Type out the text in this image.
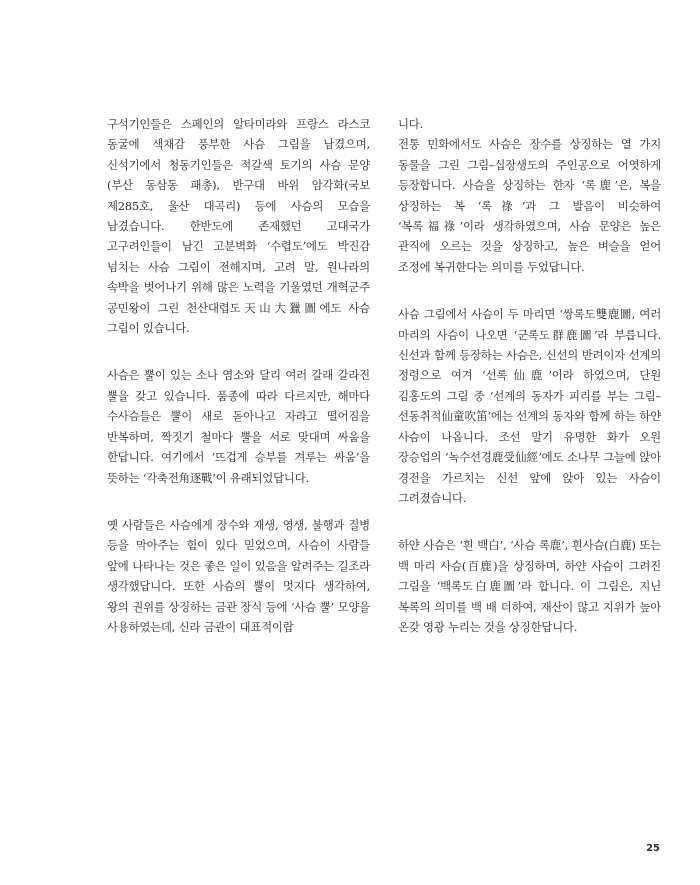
구석기인들은 스페인의 알타미라와 프랑스 라스코 동굴에 색채감 풍부한 사슴 그림을 남겼으며, 신석기에서 청동기인들은 적갈색 토기의 사슴 문양(부산 동삼동 패총), 반구대 바위 암각화(국보 제285호, 울산 대곡리) 등에 사슴의 모습을 남겼습니다. 한반도에 존재했던 고대국가 고구려인들이 남긴 고분벽화 ‘수렵도’에도 박진감 넘치는 사슴 그림이 전해지며, 고려 말, 원나라의 속박을 벗어나기 위해 많은 노력을 기울였던 개혁군주 공민왕이 그린 천산대렵도天山大獵圖에도 사슴 그림이 있습니다.

사슴은 뿔이 있는 소나 염소와 달리 여러 갈래 갈라진 뿔을 갖고 있습니다. 품종에 따라 다르지만, 해마다 수사슴들은 뿔이 새로 돋아나고 자라고 떨어짐을 반복하며, 짝짓기 철마다 뿔을 서로 맞대며 싸움을 한답니다. 여기에서 ‘뜨겁게 승부를 겨루는 싸움’을 뜻하는 ‘각축전角逐戰’이 유래되었답니다.

옛 사람들은 사슴에게 장수와 재생, 영생, 불행과 질병 등을 막아주는 힘이 있다 믿었으며, 사슴이 사람들 앞에 나타나는 것은 좋은 일이 있음을 알려주는 길조라 생각했답니다. 또한 사슴의 뿔이 멋지다 생각하여, 왕의 권위를 상징하는 금관 장식 등에 ‘사슴 뿔’ 모양을 사용하였는데, 신라 금관이 대표적이랍

니다.
전통 민화에서도 사슴은 장수를 상징하는 열 가지 동물을 그린 그림–십장생도의 주인공으로 어엿하게 등장합니다. 사슴을 상징하는 한자 ‘록鹿’은, 복을 상징하는 복 ‘록祿’과 그 발음이 비슷하여 ‘복록福祿’이라 생각하였으며, 사슴 문양은 높은 관직에 오르는 것을 상징하고, 높은 벼슬을 얻어 조정에 복귀한다는 의미를 두었답니다.

사슴 그림에서 사슴이 두 마리면 ‘쌍록도雙鹿圖, 여러 마리의 사슴이 나오면 ‘군록도群鹿圖’라 부릅니다. 신선과 함께 등장하는 사슴은, 신선의 반려이자 선계의 정령으로 여겨 ‘선록仙鹿’이라 하였으며, 단원 김홍도의 그림 중 ‘선계의 동자가 피리를 부는 그림–선동취적仙童吹笛’에는 선계의 동자와 함께 하는 하얀 사슴이 나옵니다. 조선 말기 유명한 화가 오원 장승업의 ‘녹수선경鹿受仙經’에도 소나무 그늘에 앉아 경전을 가르치는 신선 앞에 앉아 있는 사슴이 그려졌습니다.

하얀 사슴은 ‘흰 백白’, ‘사슴 록鹿’, 흰사슴(白鹿) 또는 백 마리 사슴(百鹿)을 상징하며, 하얀 사슴이 그려진 그림을 ‘백록도白鹿圖’라 합니다. 이 그림은, 지닌 복록의 의미를 백 배 더하여, 재산이 많고 지위가 높아 온갖 영광 누리는 것을 상징한답니다.

25
